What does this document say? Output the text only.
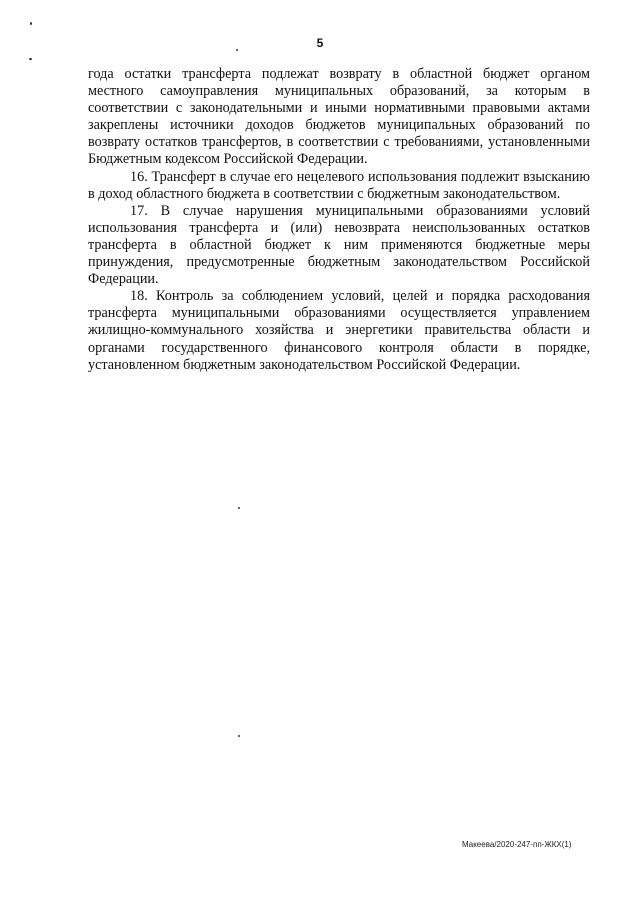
5

года остатки трансферта подлежат возврату в областной бюджет органом местного самоуправления муниципальных образований, за которым в соответствии с законодательными и иными нормативными правовыми актами закреплены источники доходов бюджетов муниципальных образований по возврату остатков трансфертов, в соответствии с требованиями, установленными Бюджетным кодексом Российской Федерации.

16. Трансферт в случае его нецелевого использования подлежит взысканию в доход областного бюджета в соответствии с бюджетным законодательством.

17. В случае нарушения муниципальными образованиями условий использования трансферта и (или) невозврата неиспользованных остатков трансферта в областной бюджет к ним применяются бюджетные меры принуждения, предусмотренные бюджетным законодательством Российской Федерации.

18. Контроль за соблюдением условий, целей и порядка расходования трансферта муниципальными образованиями осуществляется управлением жилищно-коммунального хозяйства и энергетики правительства области и органами государственного финансового контроля области в порядке, установленном бюджетным законодательством Российской Федерации.

Макеева/2020-247-пп-ЖКХ(1)
